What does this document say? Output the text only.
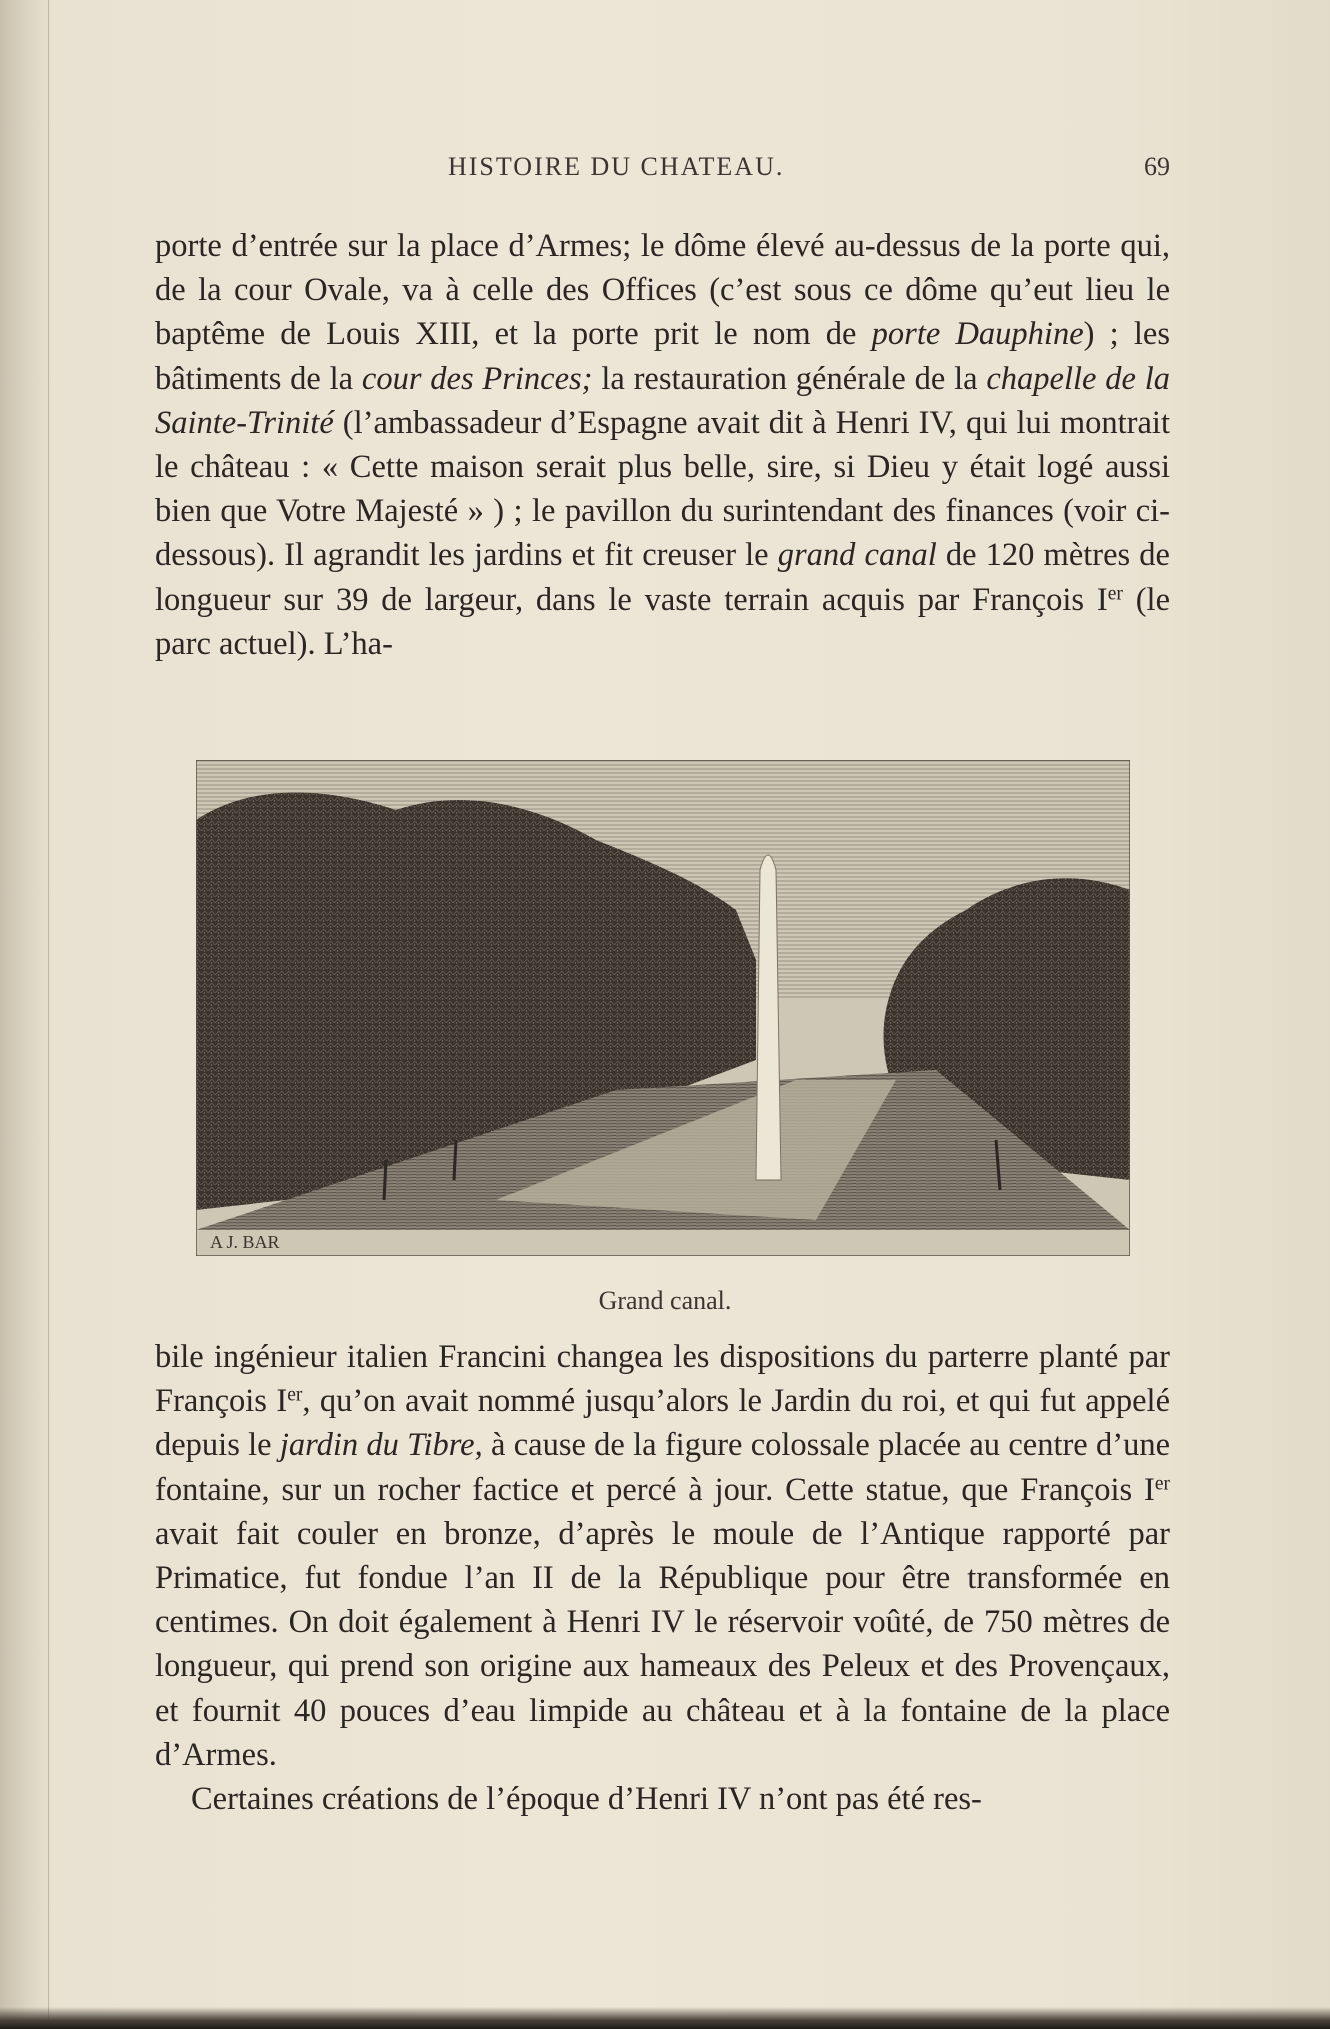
HISTOIRE DU CHATEAU.	69

porte d’entrée sur la place d’Armes; le dôme élevé au-dessus de la porte qui, de la cour Ovale, va à celle des Offices (c’est sous ce dôme qu’eut lieu le baptême de Louis XIII, et la porte prit le nom de porte Dauphine) ; les bâtiments de la cour des Princes; la restauration générale de la chapelle de la Sainte-Trinité (l’ambassadeur d’Espagne avait dit à Henri IV, qui lui montrait le château : « Cette maison serait plus belle, sire, si Dieu y était logé aussi bien que Votre Majesté » ) ; le pavillon du surintendant des finances (voir ci-dessous). Il agrandit les jardins et fit creuser le grand canal de 120 mètres de longueur sur 39 de largeur, dans le vaste terrain acquis par François Ier (le parc actuel). L’ha-

A J. BAR
Grand canal.

bile ingénieur italien Francini changea les dispositions du parterre planté par François Ier, qu’on avait nommé jusqu’alors le Jardin du roi, et qui fut appelé depuis le jardin du Tibre, à cause de la figure colossale placée au centre d’une fontaine, sur un rocher factice et percé à jour. Cette statue, que François Ier avait fait couler en bronze, d’après le moule de l’Antique rapporté par Primatice, fut fondue l’an II de la République pour être transformée en centimes. On doit également à Henri IV le réservoir voûté, de 750 mètres de longueur, qui prend son origine aux hameaux des Peleux et des Provençaux, et fournit 40 pouces d’eau limpide au château et à la fontaine de la place d’Armes.

Certaines créations de l’époque d’Henri IV n’ont pas été res-
